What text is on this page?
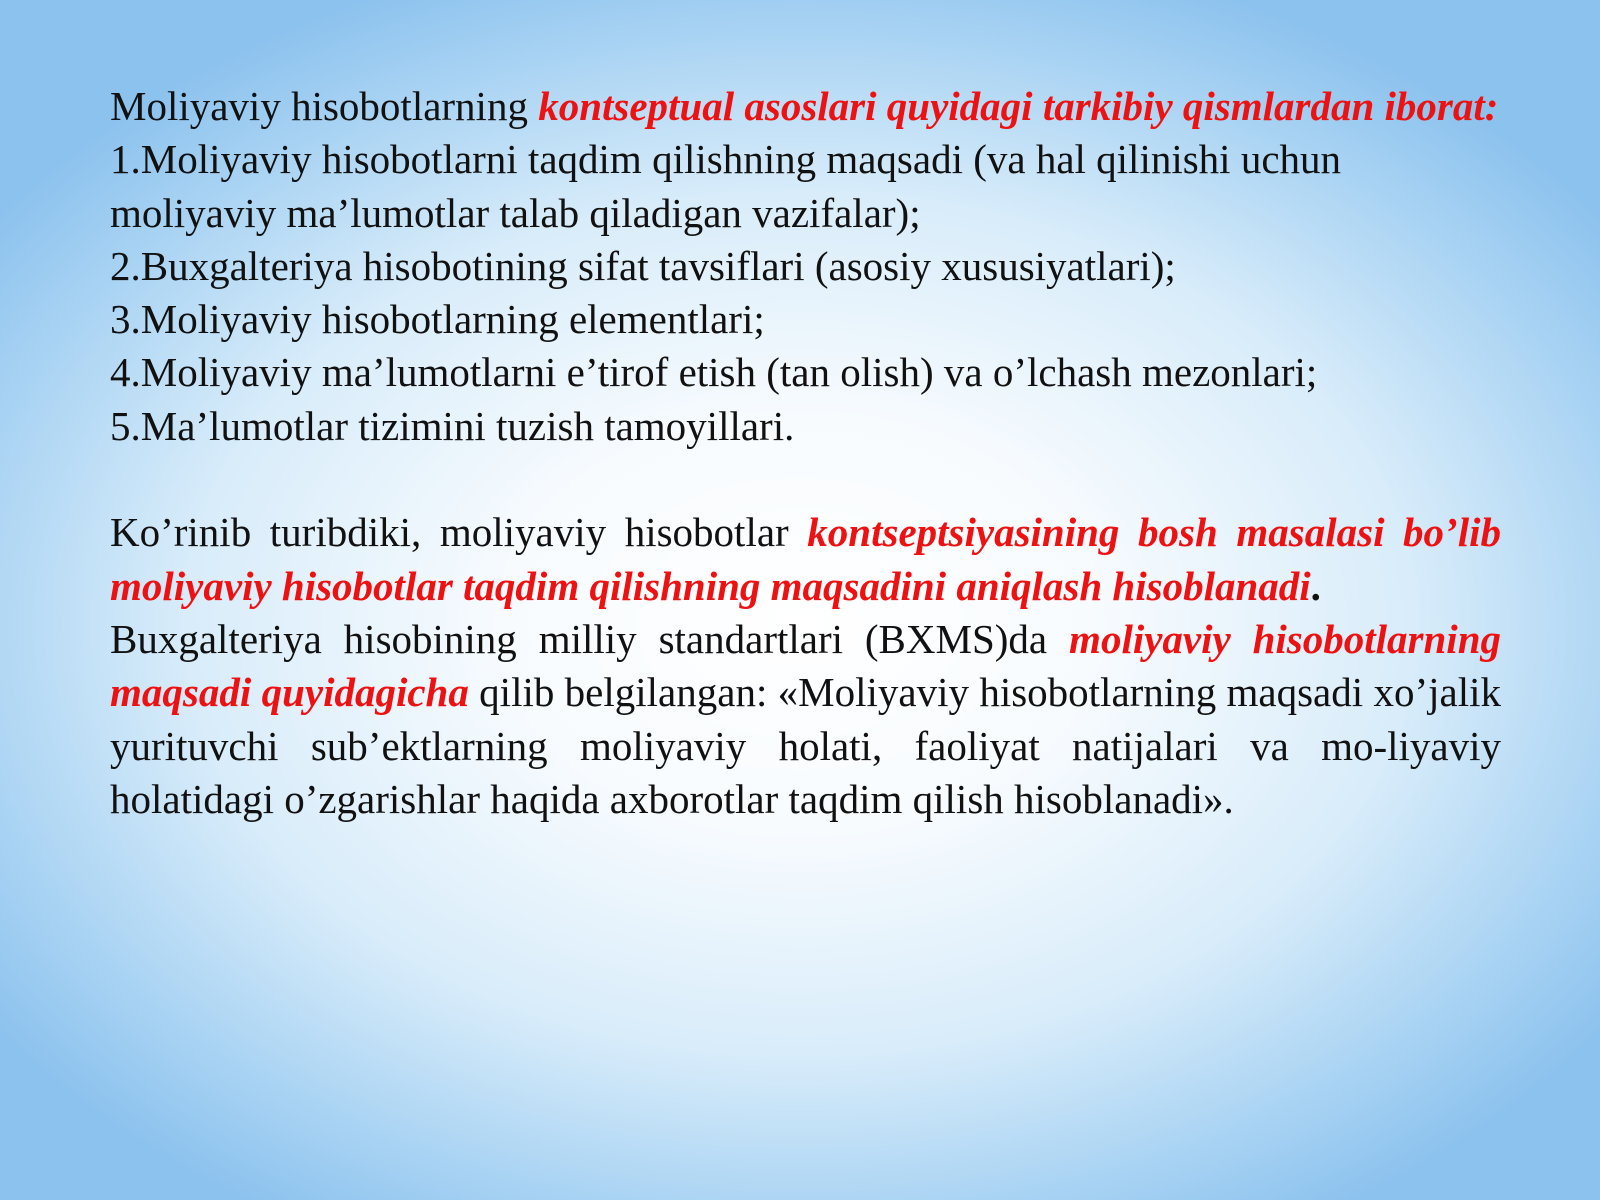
Moliyaviy hisobotlarning kontseptual asoslari quyidagi tarkibiy qismlardan iborat:

1.Moliyaviy hisobotlarni taqdim qilishning maqsadi (va hal qilinishi uchun moliyaviy ma’lumotlar talab qiladigan vazifalar);

2.Buxgalteriya hisobotining sifat tavsiflari (asosiy xususiyatlari);

3.Moliyaviy hisobotlarning elementlari;

4.Moliyaviy ma’lumotlarni e’tirof etish (tan olish) va o’lchash mezonlari;

5.Ma’lumotlar tizimini tuzish tamoyillari.

Ko’rinib turibdiki, moliyaviy hisobotlar kontseptsiyasining bosh masalasi bo’lib moliyaviy hisobotlar taqdim qilishning maqsadini aniqlash hisoblanadi.

Buxgalteriya hisobining milliy standartlari (BXMS)da moliyaviy hisobotlarning maqsadi quyidagicha qilib belgilangan: «Moliyaviy hisobotlarning maqsadi xo’jalik yurituvchi sub’ektlarning moliyaviy holati, faoliyat natijalari va mo-liyaviy holatidagi o’zgarishlar haqida axborotlar taqdim qilish hisoblanadi».
